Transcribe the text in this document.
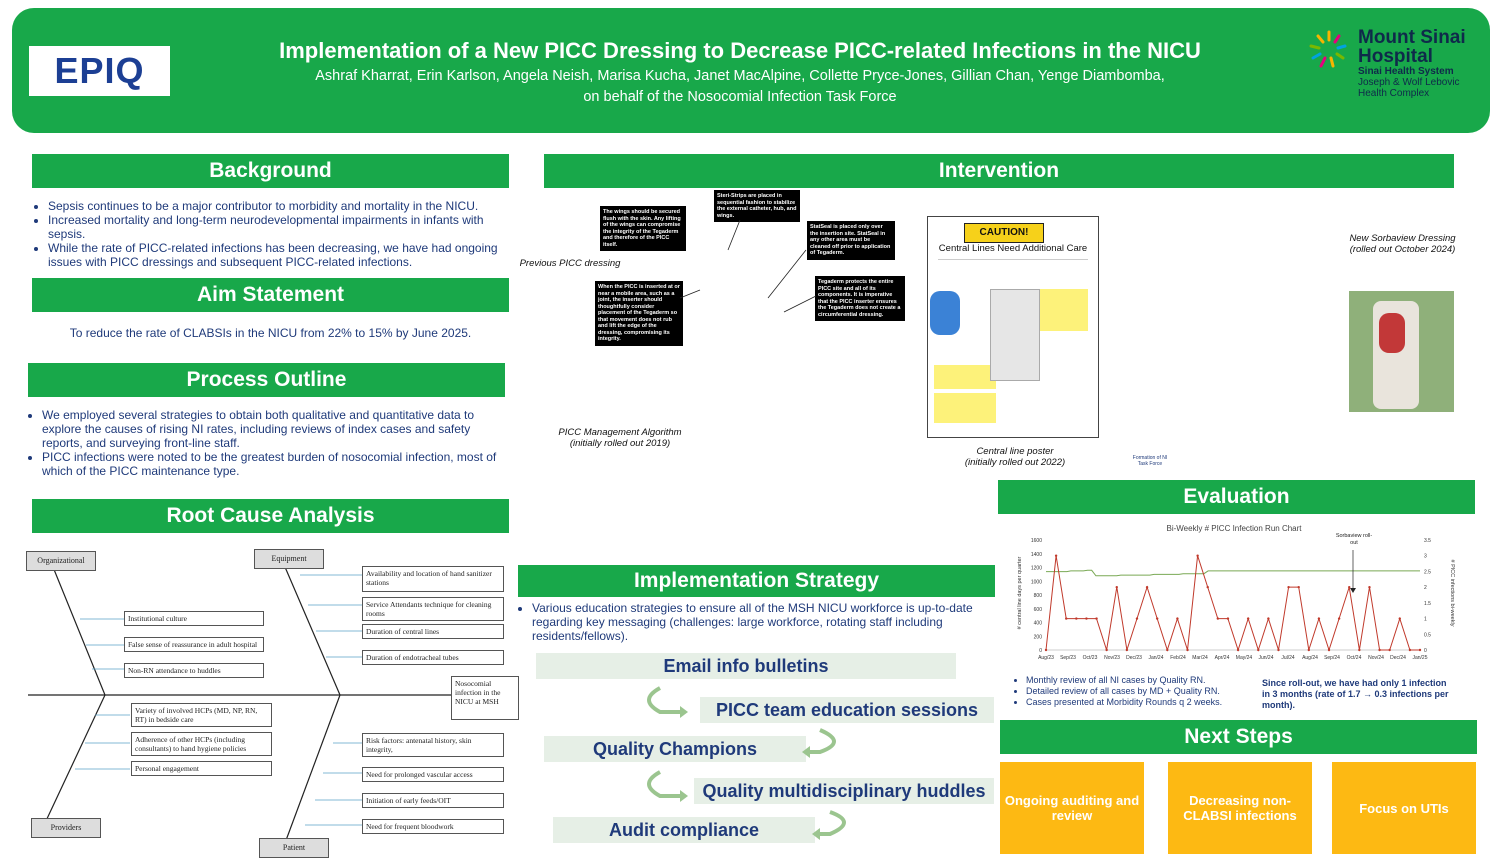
EPIQ	Implementation of a New PICC Dressing to Decrease PICC-related Infections in the NICU
Ashraf Kharrat, Erin Karlson, Angela Neish, Marisa Kucha, Janet MacAlpine, Collette Pryce-Jones, Gillian Chan, Yenge Diambomba,
on behalf of the Nosocomial Infection Task Force
Mount Sinai
Hospital
Sinai Health System
Joseph & Wolf Lebovic
Health Complex
Background
• Sepsis continues to be a major contributor to morbidity and mortality in the NICU.
• Increased mortality and long-term neurodevelopmental impairments in infants with sepsis.
• While the rate of PICC-related infections has been decreasing, we have had ongoing issues with PICC dressings and subsequent PICC-related infections.
Aim Statement
To reduce the rate of CLABSIs in the NICU from 22% to 15% by June 2025.
Process Outline
• We employed several strategies to obtain both qualitative and quantitative data to explore the causes of rising NI rates, including reviews of index cases and safety reports, and surveying front-line staff.
• PICC infections were noted to be the greatest burden of nosocomial infection, most of which of the PICC maintenance type.
Root Cause Analysis
Organizational	Equipment
Providers
Patient
Nosocomial infection in the NICU at MSH
Institutional culture
False sense of reassurance in adult hospital
Non-RN attendance to huddles
Availability and location of hand sanitizer stations
Service Attendants technique for cleaning rooms
Duration of central lines
Duration of endotracheal tubes
Variety of involved HCPs (MD, NP, RN, RT) in bedside care
Adherence of other HCPs (including consultants) to hand hygiene policies
Personal engagement
Risk factors: antenatal history, skin integrity,
Need for prolonged vascular access
Initiation of early feeds/OIT
Need for frequent bloodwork
Intervention
Previous PICC dressing
The wings should be secured flush with the skin. Any lifting of the wings can compromise the integrity of the Tegaderm and therefore of the PICC itself.
Steri-Strips are placed in sequential fashion to stabilize the external catheter, hub, and wings.
StatSeal is placed only over the insertion site. StatSeal in any other area must be cleaned off prior to application of Tegaderm.
When the PICC is inserted at or near a mobile area, such as a joint, the inserter should thoughtfully consider placement of the Tegaderm so that movement does not rub and lift the edge of the dressing, compromising its integrity.
Tegaderm protects the entire PICC site and all of its components. It is imperative that the PICC inserter ensures the Tegaderm does not create a circumferential dressing.
PICC Management Algorithm
(initially rolled out 2019)
CAUTION!
Central Lines Need Additional Care
Central line poster
(initially rolled out 2022)	Formation of NI Task Force
New Sorbaview Dressing
(rolled out October 2024)
Evaluation
Bi-Weekly # PICC Infection Run Chart
# central line days per quarter	# PICC infections bi-weekly
Sorbaview roll-out
0
200
400
600
800
1000
1200
1400
1600
0
0.5
1
1.5
2
2.5
3
3.5
Aug/23 Sep/23 Oct/23 Nov/23 Dec/23 Jan/24 Feb/24 Mar/24 Apr/24 May/24 Jun/24 Jul/24 Aug/24 Sep/24 Oct/24 Nov/24 Dec/24 Jan/25
• Monthly review of all NI cases by Quality RN.
• Detailed review of all cases by MD + Quality RN.
• Cases presented at Morbidity Rounds q 2 weeks.
Since roll-out, we have had only 1 infection in 3 months (rate of 1.7 → 0.3 infections per month).
Next Steps
Ongoing auditing and review
Decreasing non-CLABSI infections	Focus on UTIs
Implementation Strategy
• Various education strategies to ensure all of the MSH NICU workforce is up-to-date regarding key messaging (challenges: large workforce, rotating staff including residents/fellows).
Email info bulletins
PICC team education sessions
Quality Champions
Quality multidisciplinary huddles
Audit compliance
